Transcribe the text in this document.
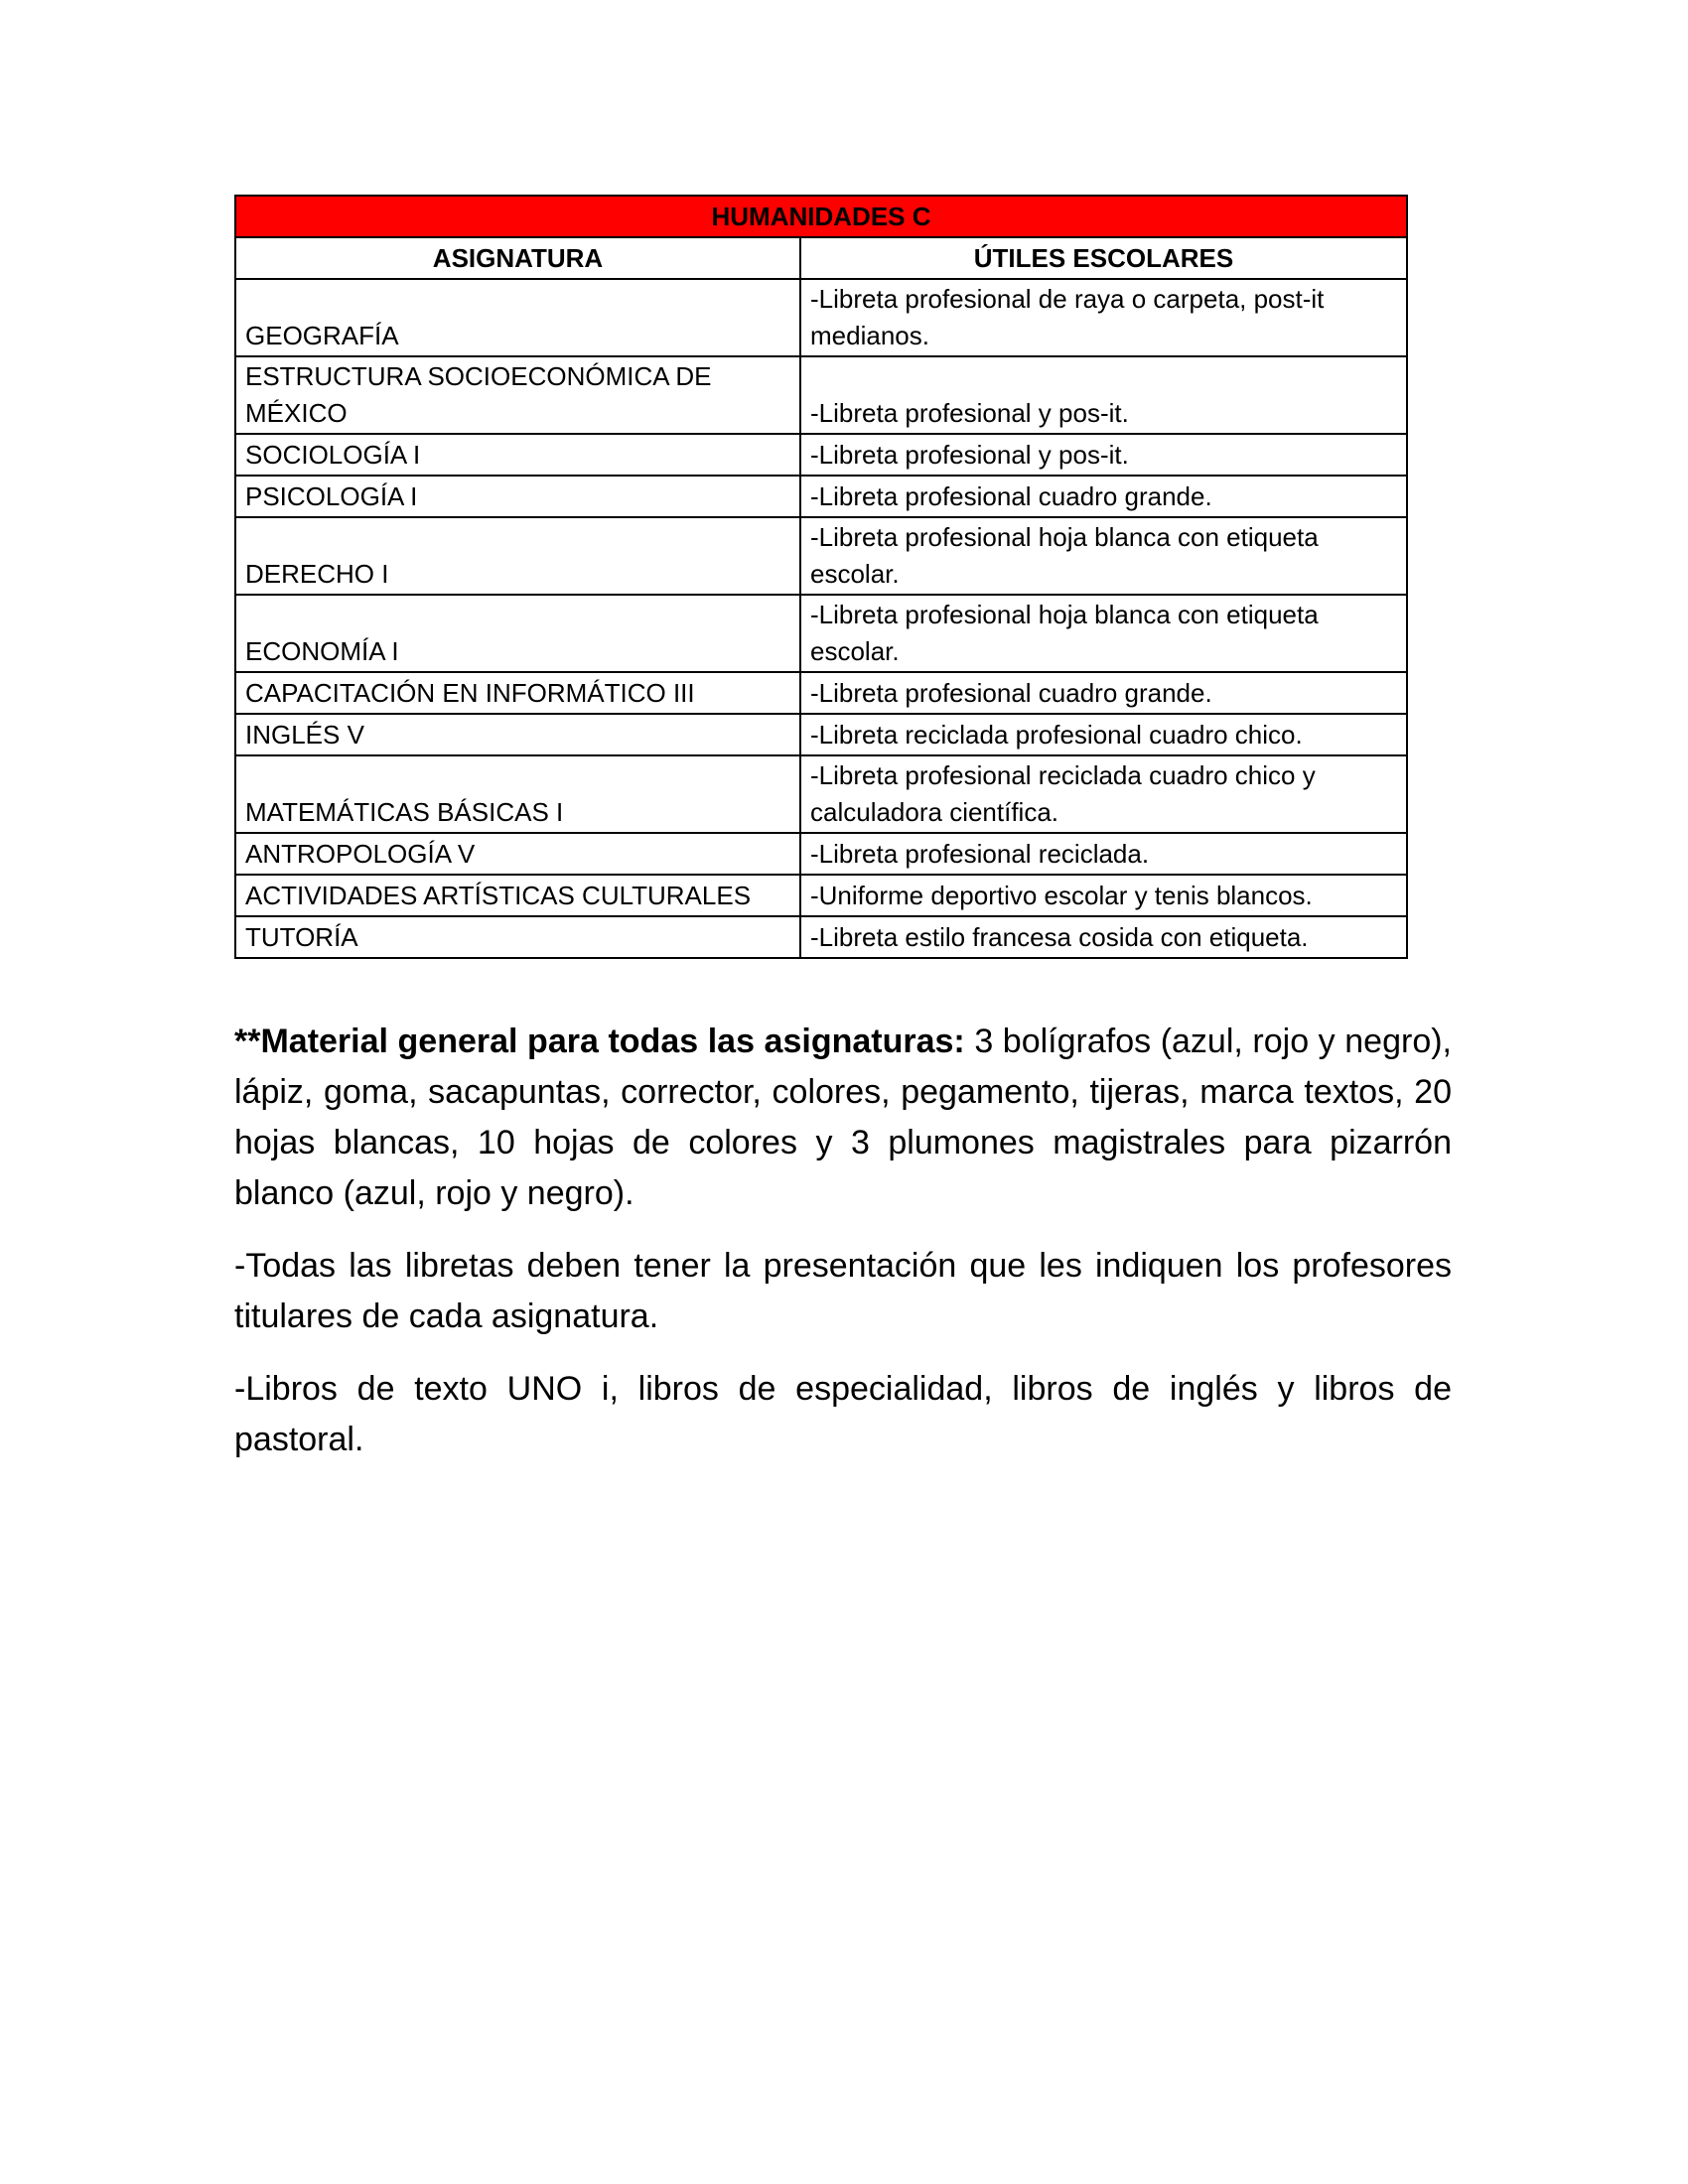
HUMANIDADES C	
ASIGNATURA	ÚTILES ESCOLARES
GEOGRAFÍA	-Libreta profesional de raya o carpeta, post-it medianos.
ESTRUCTURA SOCIOECONÓMICA DE MÉXICO	-Libreta profesional y pos-it.
SOCIOLOGÍA I	-Libreta profesional y pos-it.
PSICOLOGÍA I	-Libreta profesional cuadro grande.
DERECHO I	-Libreta profesional hoja blanca con etiqueta escolar.
ECONOMÍA I	-Libreta profesional hoja blanca con etiqueta escolar.
CAPACITACIÓN EN INFORMÁTICO III	-Libreta profesional cuadro grande.
INGLÉS V	-Libreta reciclada profesional cuadro chico.
MATEMÁTICAS BÁSICAS I	-Libreta profesional reciclada cuadro chico y calculadora científica.
ANTROPOLOGÍA V	-Libreta profesional reciclada.
ACTIVIDADES ARTÍSTICAS CULTURALES	-Uniforme deportivo escolar y tenis blancos.
TUTORÍA	-Libreta estilo francesa cosida con etiqueta.

**Material general para todas las asignaturas: 3 bolígrafos (azul, rojo y negro), lápiz, goma, sacapuntas, corrector, colores, pegamento, tijeras, marca textos, 20 hojas blancas, 10 hojas de colores y 3 plumones magistrales para pizarrón blanco (azul, rojo y negro).

-Todas las libretas deben tener la presentación que les indiquen los profesores titulares de cada asignatura.

-Libros de texto UNO i, libros de especialidad, libros de inglés y libros de pastoral.
